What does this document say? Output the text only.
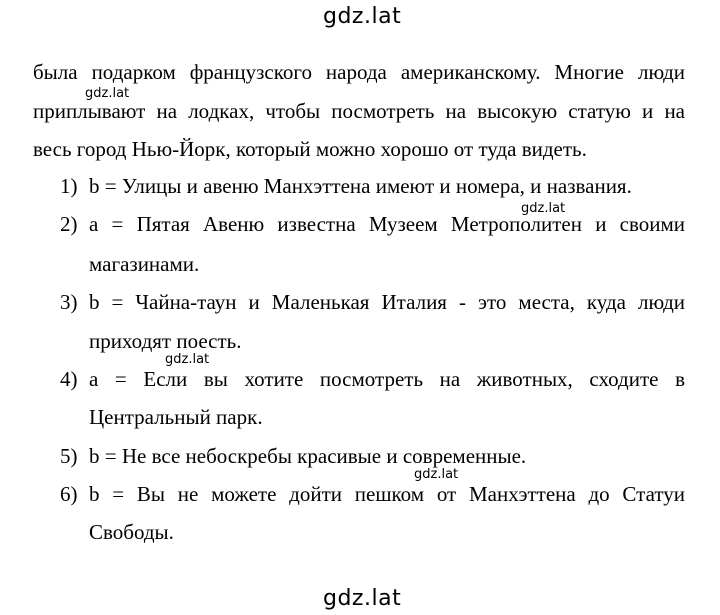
gdz.lat
была подарком французского народа американскому. Многие люди
приплывают на лодках, чтобы посмотреть на высокую статую и на
весь город Нью-Йорк, который можно хорошо от туда видеть.
1) b = Улицы и авеню Манхэттена имеют и номера, и названия.
2) a = Пятая Авеню известна Музеем Метрополитен и своими
магазинами.
3) b = Чайна-таун и Маленькая Италия - это места, куда люди
приходят поесть.
4) a = Если вы хотите посмотреть на животных, сходите в
Центральный парк.
5) b = Не все небоскребы красивые и современные.
6) b = Вы не можете дойти пешком от Манхэттена до Статуи
Свободы.
gdz.lat
gdz.lat
gdz.lat
gdz.lat
gdz.lat
